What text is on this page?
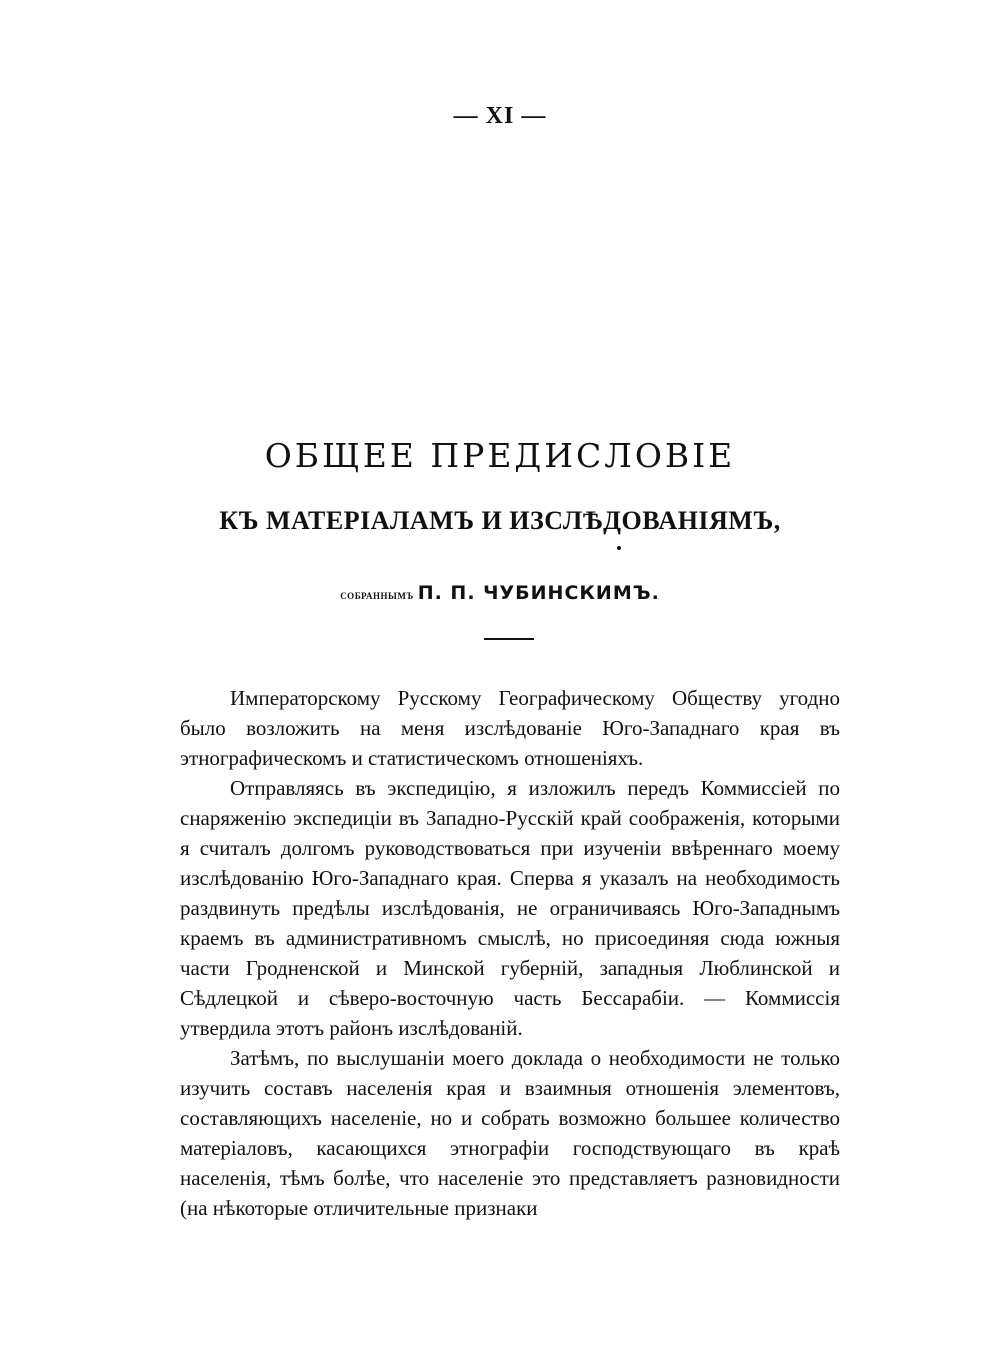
— XI —
ОБЩЕЕ ПРЕДИСЛОВІЕ
КЪ МАТЕРІАЛАМЪ И ИЗСЛѢДОВАНІЯМЪ,
собраннымъ П. П. ЧУБИНСКИМЪ.

Императорскому Русскому Географическому Обществу угодно было возложить на меня изслѣдованіе Юго-Западнаго края въ этнографическомъ и статистическомъ отношеніяхъ.

Отправляясь въ экспедицію, я изложилъ передъ Коммиссіей по снаряженію экспедиціи въ Западно-Русскій край соображенія, которыми я считалъ долгомъ руководствоваться при изученіи ввѣреннаго моему изслѣдованію Юго-Западнаго края. Сперва я указалъ на необходимость раздвинуть предѣлы изслѣдованія, не ограничиваясь Юго-Западнымъ краемъ въ административномъ смыслѣ, но присоединяя сюда южныя части Гродненской и Минской губерній, западныя Люблинской и Сѣдлецкой и сѣверо-восточную часть Бессарабіи. — Коммиссія утвердила этотъ районъ изслѣдованій.

Затѣмъ, по выслушаніи моего доклада о необходимости не только изучить составъ населенія края и взаимныя отношенія элементовъ, составляющихъ населеніе, но и собрать возможно большее количество матеріаловъ, касающихся этнографіи господствующаго въ краѣ населенія, тѣмъ болѣе, что населеніе это представляетъ разновидности (на нѣкоторые отличительные признаки
